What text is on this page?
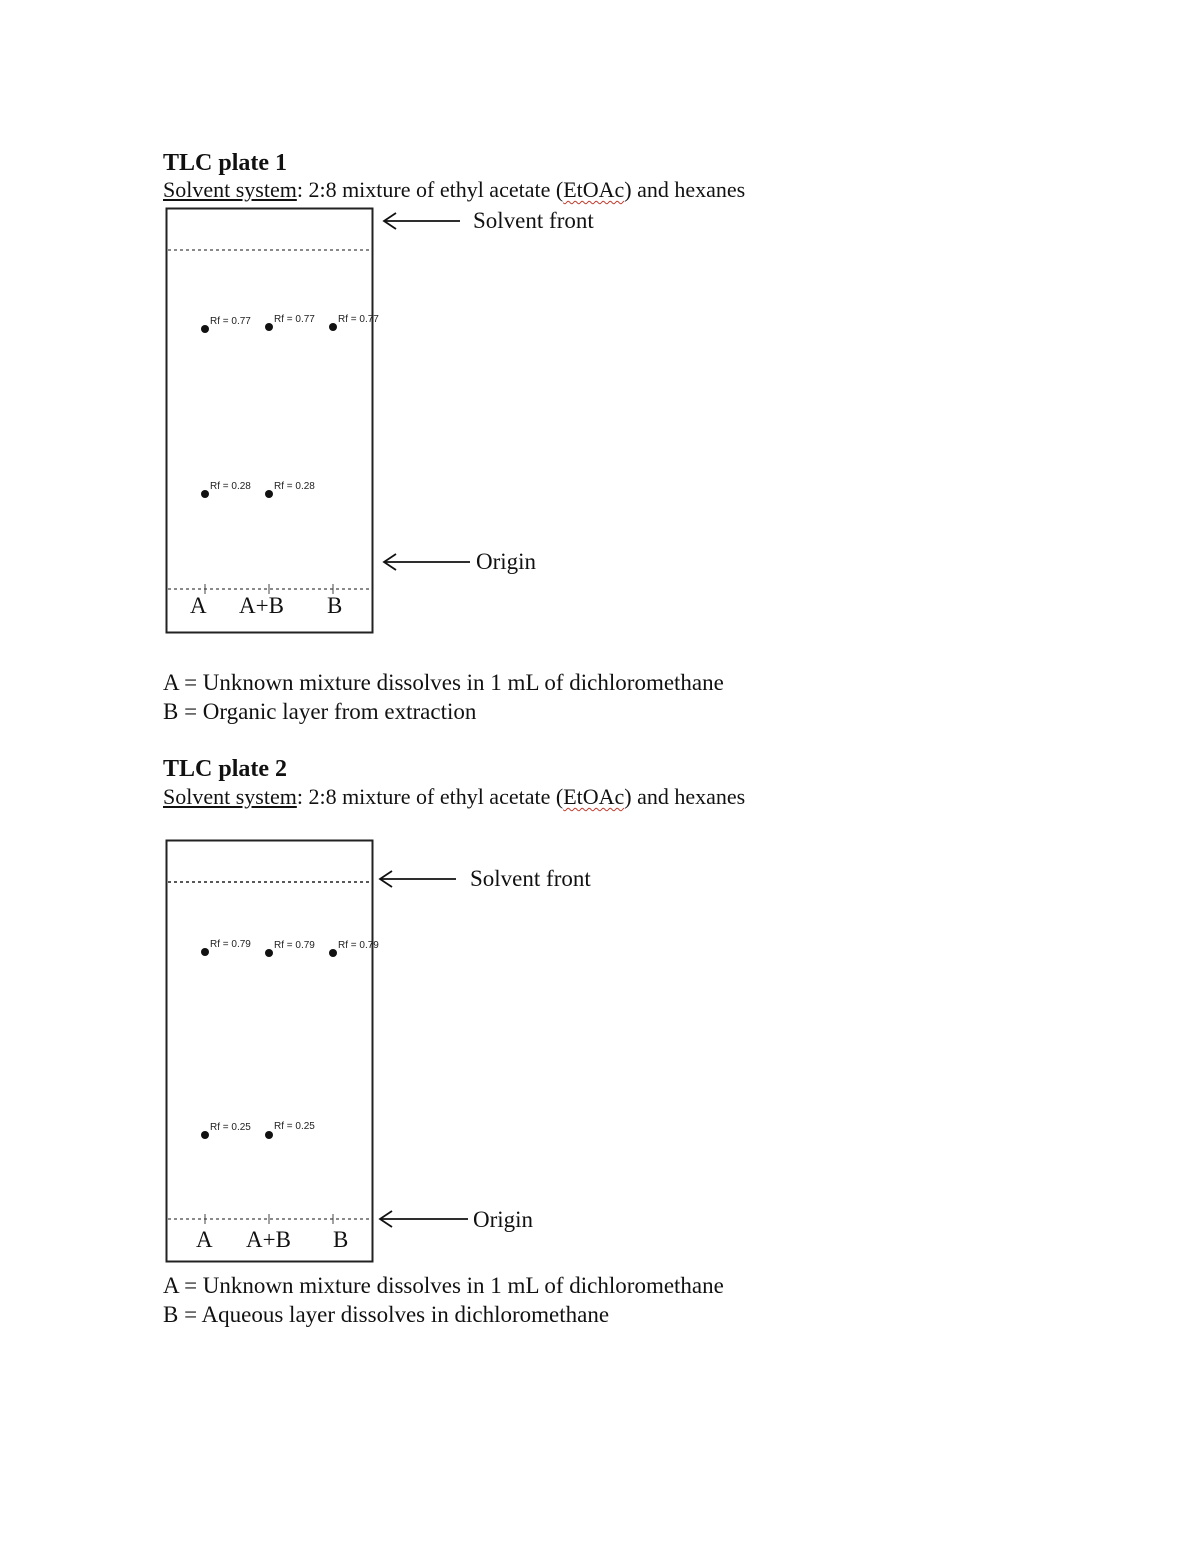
TLC plate 1
Solvent system: 2:8 mixture of ethyl acetate (EtOAc) and hexanes
Rf = 0.77 Rf = 0.77 Rf = 0.77
Rf = 0.28 Rf = 0.28
A A+B B
Solvent front
Origin
A = Unknown mixture dissolves in 1 mL of dichloromethane
B = Organic layer from extraction
TLC plate 2
Solvent system: 2:8 mixture of ethyl acetate (EtOAc) and hexanes
Rf = 0.79 Rf = 0.79 Rf = 0.79
Rf = 0.25 Rf = 0.25
A A+B B
Solvent front
Origin
A = Unknown mixture dissolves in 1 mL of dichloromethane
B = Aqueous layer dissolves in dichloromethane
